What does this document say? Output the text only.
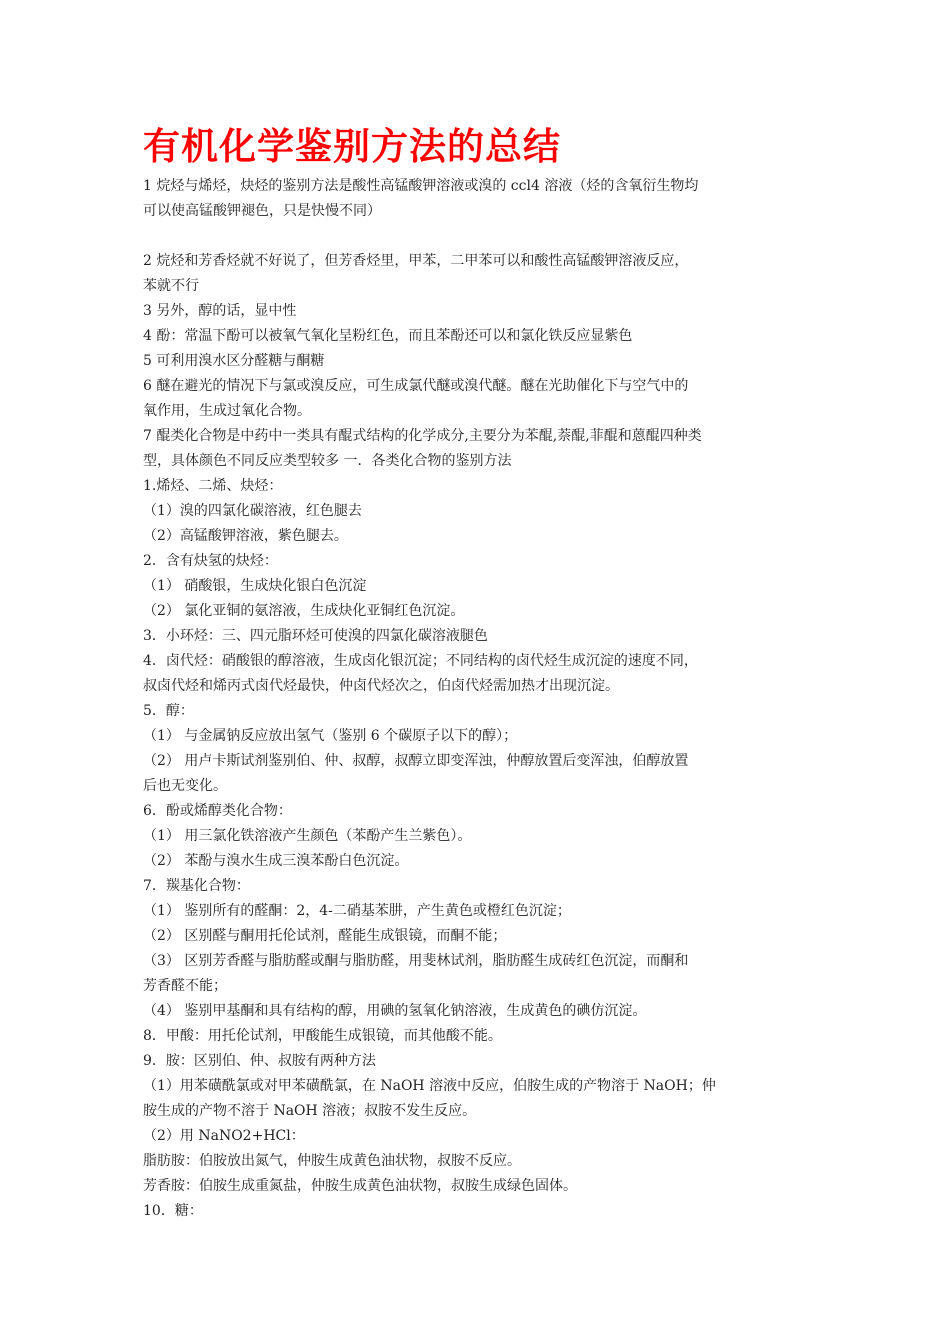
有机化学鉴别方法的总结
1 烷烃与烯烃，炔烃的鉴别方法是酸性高锰酸钾溶液或溴的 ccl4 溶液（烃的含氧衍生物均
可以使高锰酸钾褪色，只是快慢不同）
2 烷烃和芳香烃就不好说了，但芳香烃里，甲苯，二甲苯可以和酸性高锰酸钾溶液反应，
苯就不行
3 另外，醇的话，显中性
4 酚：常温下酚可以被氧气氧化呈粉红色，而且苯酚还可以和氯化铁反应显紫色
5 可利用溴水区分醛糖与酮糖
6 醚在避光的情况下与氯或溴反应，可生成氯代醚或溴代醚。醚在光助催化下与空气中的
氧作用，生成过氧化合物。
7 醌类化合物是中药中一类具有醌式结构的化学成分,主要分为苯醌,萘醌,菲醌和蒽醌四种类
型，具体颜色不同反应类型较多 一．各类化合物的鉴别方法
1.烯烃、二烯、炔烃：
（1）溴的四氯化碳溶液，红色腿去
（2）高锰酸钾溶液，紫色腿去。
2．含有炔氢的炔烃：
（1） 硝酸银，生成炔化银白色沉淀
（2） 氯化亚铜的氨溶液，生成炔化亚铜红色沉淀。
3．小环烃：三、四元脂环烃可使溴的四氯化碳溶液腿色
4．卤代烃：硝酸银的醇溶液，生成卤化银沉淀；不同结构的卤代烃生成沉淀的速度不同，
叔卤代烃和烯丙式卤代烃最快，仲卤代烃次之，伯卤代烃需加热才出现沉淀。
5．醇：
（1） 与金属钠反应放出氢气（鉴别 6 个碳原子以下的醇）；
（2） 用卢卡斯试剂鉴别伯、仲、叔醇，叔醇立即变浑浊，仲醇放置后变浑浊，伯醇放置
后也无变化。
6．酚或烯醇类化合物：
（1） 用三氯化铁溶液产生颜色（苯酚产生兰紫色）。
（2） 苯酚与溴水生成三溴苯酚白色沉淀。
7．羰基化合物：
（1） 鉴别所有的醛酮：2，4-二硝基苯肼，产生黄色或橙红色沉淀；
（2） 区别醛与酮用托伦试剂，醛能生成银镜，而酮不能；
（3） 区别芳香醛与脂肪醛或酮与脂肪醛，用斐林试剂，脂肪醛生成砖红色沉淀，而酮和
芳香醛不能；
（4） 鉴别甲基酮和具有结构的醇，用碘的氢氧化钠溶液，生成黄色的碘仿沉淀。
8．甲酸：用托伦试剂，甲酸能生成银镜，而其他酸不能。
9．胺：区别伯、仲、叔胺有两种方法
（1）用苯磺酰氯或对甲苯磺酰氯，在 NaOH 溶液中反应，伯胺生成的产物溶于 NaOH；仲
胺生成的产物不溶于 NaOH 溶液；叔胺不发生反应。
（2）用 NaNO2+HCl：
脂肪胺：伯胺放出氮气，仲胺生成黄色油状物，叔胺不反应。
芳香胺：伯胺生成重氮盐，仲胺生成黄色油状物，叔胺生成绿色固体。
10．糖：
